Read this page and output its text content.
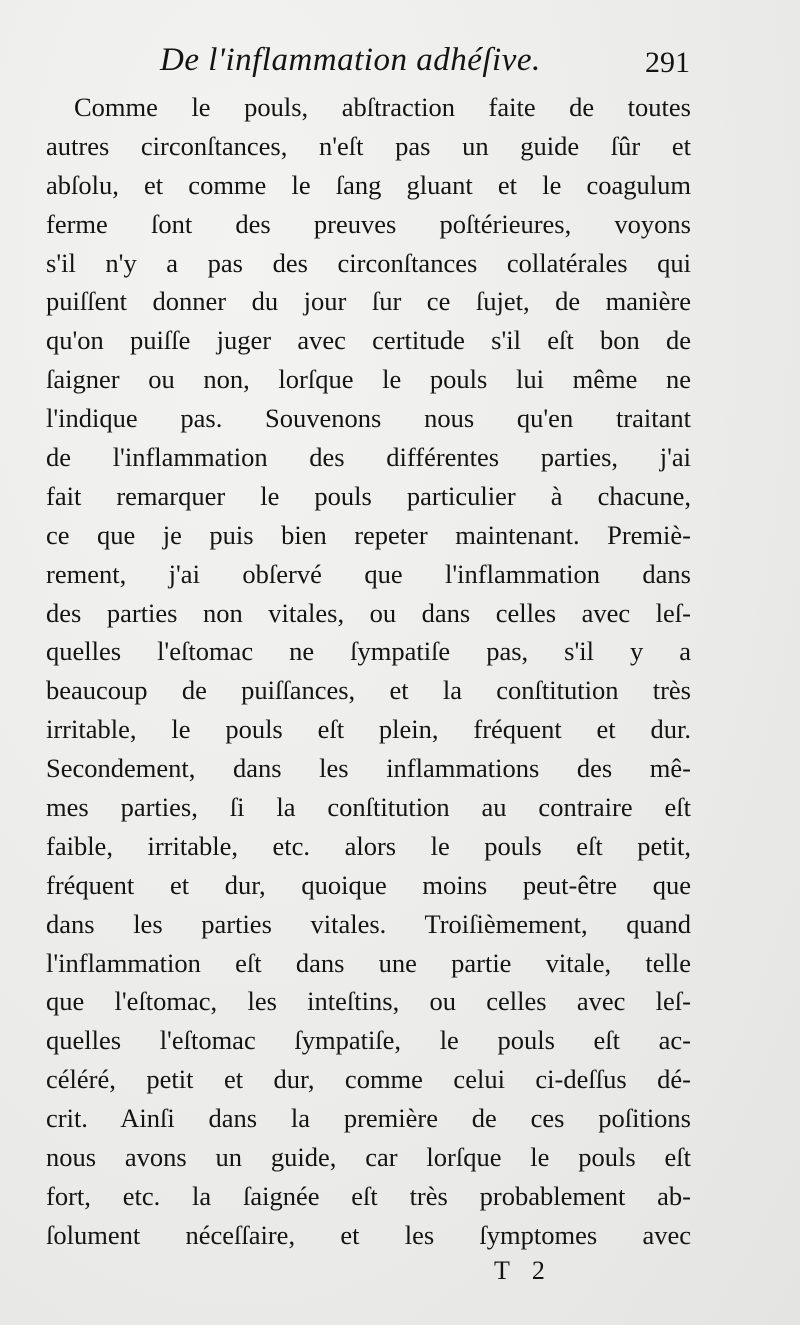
De l'inflammation adhéſive.	291
Comme le pouls, abſtraction faite de toutes
autres circonſtances, n'eſt pas un guide ſûr et
abſolu, et comme le ſang gluant et le coagulum
ferme ſont des preuves poſtérieures, voyons
s'il n'y a pas des circonſtances collatérales qui
puiſſent donner du jour ſur ce ſujet, de manière
qu'on puiſſe juger avec certitude s'il eſt bon de
ſaigner ou non, lorſque le pouls lui même ne
l'indique pas. Souvenons nous qu'en traitant
de l'inflammation des différentes parties, j'ai
fait remarquer le pouls particulier à chacune,
ce que je puis bien repeter maintenant. Premiè-
rement, j'ai obſervé que l'inflammation dans
des parties non vitales, ou dans celles avec leſ-
quelles l'eſtomac ne ſympatiſe pas, s'il y a
beaucoup de puiſſances, et la conſtitution très
irritable, le pouls eſt plein, fréquent et dur.
Secondement, dans les inflammations des mê-
mes parties, ſi la conſtitution au contraire eſt
faible, irritable, etc. alors le pouls eſt petit,
fréquent et dur, quoique moins peut-être que
dans les parties vitales. Troiſièmement, quand
l'inflammation eſt dans une partie vitale, telle
que l'eſtomac, les inteſtins, ou celles avec leſ-
quelles l'eſtomac ſympatiſe, le pouls eſt ac-
céléré, petit et dur, comme celui ci-deſſus dé-
crit. Ainſi dans la première de ces poſitions
nous avons un guide, car lorſque le pouls eſt
fort, etc. la ſaignée eſt très probablement ab-
ſolument néceſſaire, et les ſymptomes avec
T 2
